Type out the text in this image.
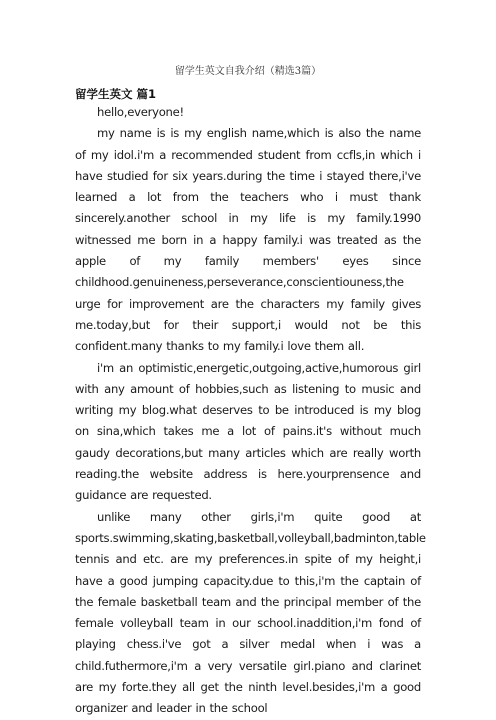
留学生英文自我介绍（精选3篇）
留学生英文 篇1

hello,everyone!

my name is is my english name,which is also the name of my idol.i'm a recommended student from ccfls,in which i have studied for six years.during the time i stayed there,i've learned a lot from the teachers who i must thank sincerely.another school in my life is my family.1990 witnessed me born in a happy family.i was treated as the apple of my family members' eyes since childhood.genuineness,perseverance,conscientiouness,the urge for improvement are the characters my family gives me.today,but for their support,i would not be this confident.many thanks to my family.i love them all.

i'm an optimistic,energetic,outgoing,active,humorous girl with any amount of hobbies,such as listening to music and writing my blog.what deserves to be introduced is my blog on sina,which takes me a lot of pains.it's without much gaudy decorations,but many articles which are really worth reading.the website address is here.yourprensence and guidance are requested.

unlike many other girls,i'm quite good at sports.swimming,skating,basketball,volleyball,badminton,table tennis and etc. are my preferences.in spite of my height,i have a good jumping capacity.due to this,i'm the captain of the female basketball team and the principal member of the female volleyball team in our school.inaddition,i'm fond of playing chess.i've got a silver medal when i was a child.futhermore,i'm a very versatile girl.piano and clarinet are my forte.they all get the ninth level.besides,i'm a good organizer and leader in the school
